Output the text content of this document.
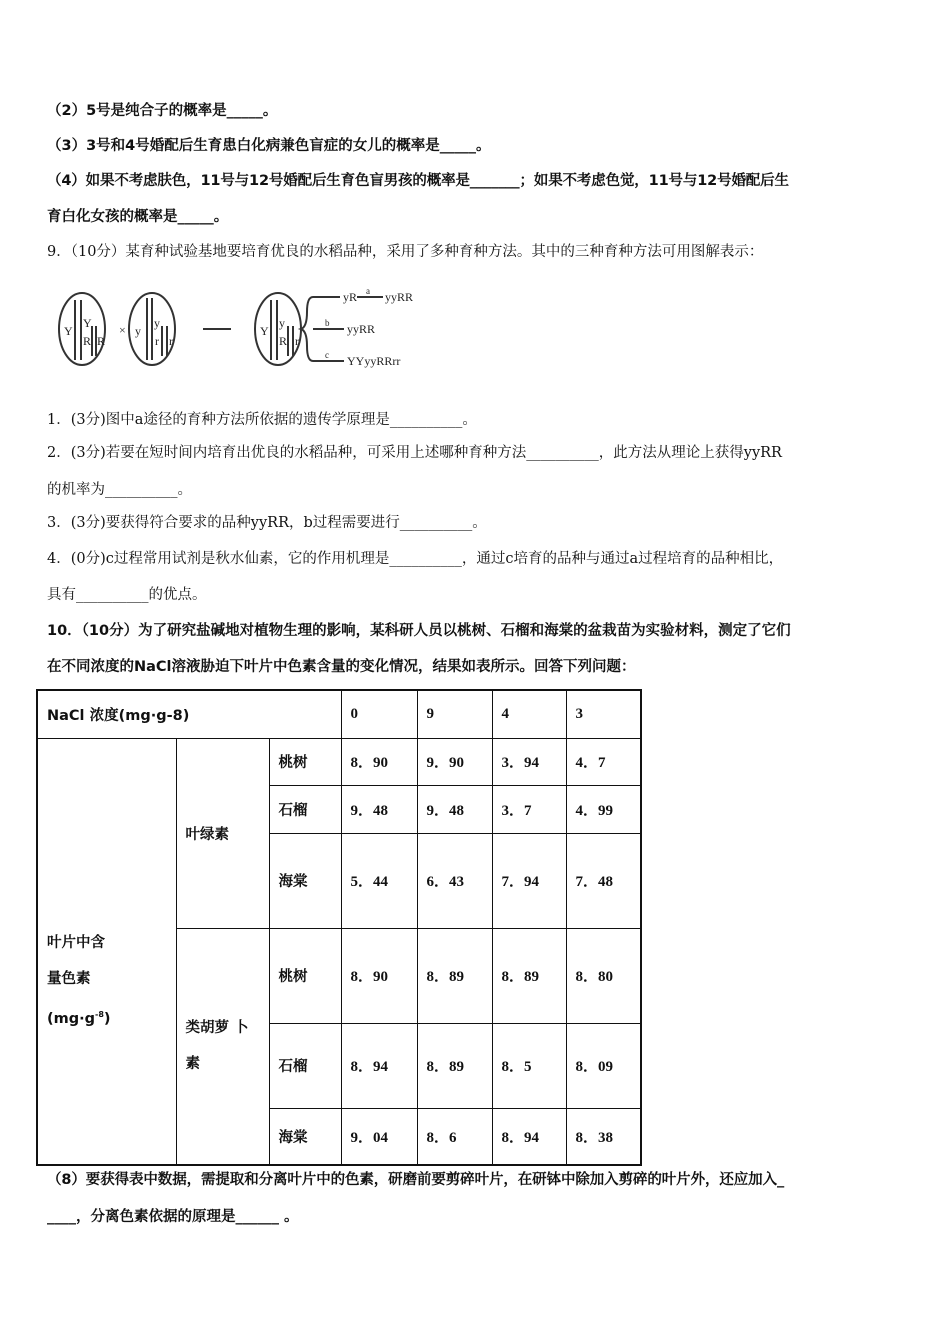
（2）5号是纯合子的概率是_____。
（3）3号和4号婚配后生育患白化病兼色盲症的女儿的概率是_____。
（4）如果不考虑肤色，11号与12号婚配后生育色盲男孩的概率是_______；如果不考虑色觉，11号与12号婚配后生
育白化女孩的概率是_____。
9．（10分）某育种试验基地要培育优良的水稻品种，采用了多种育种方法。其中的三种育种方法可用图解表示：
Y
Y
R R
× y
y
r r
Y
y
R r
yR a yyRR
b yyRR
c YYyyRRrr
1．(3分)图中a途径的育种方法所依据的遗传学原理是__________。
2．(3分)若要在短时间内培育出优良的水稻品种，可采用上述哪种育种方法__________，此方法从理论上获得yyRR
的机率为__________。
3．(3分)要获得符合要求的品种yyRR，b过程需要进行__________。
4．(0分)c过程常用试剂是秋水仙素，它的作用机理是__________，通过c培育的品种与通过a过程培育的品种相比，
具有__________的优点。
10．（10分）为了研究盐碱地对植物生理的影响，某科研人员以桃树、石榴和海棠的盆栽苗为实验材料，测定了它们
在不同浓度的NaCl溶液胁迫下叶片中色素含量的变化情况，结果如表所示。回答下列问题：
NaCl 浓度(mg·g-8)			0	9	4	3

叶片中含
量色素
$(mg\cdot g^{-8})$	叶绿素	桃树	8．90	9．90	3．94	4．7
		石榴	9．48	9．48	3．7	4．99
		海棠	5．44	6．43	7．94	7．48

	类胡萝 卜
素	桃树	8．90	8．89	8．89	8．80
		石榴	8．94	8．89	8．5	8．09
		海棠	9．04	8．6	8．94	8．38
（8）要获得表中数据，需提取和分离叶片中的色素，研磨前要剪碎叶片，在研钵中除加入剪碎的叶片外，还应加入_
____，分离色素依据的原理是______ 。
